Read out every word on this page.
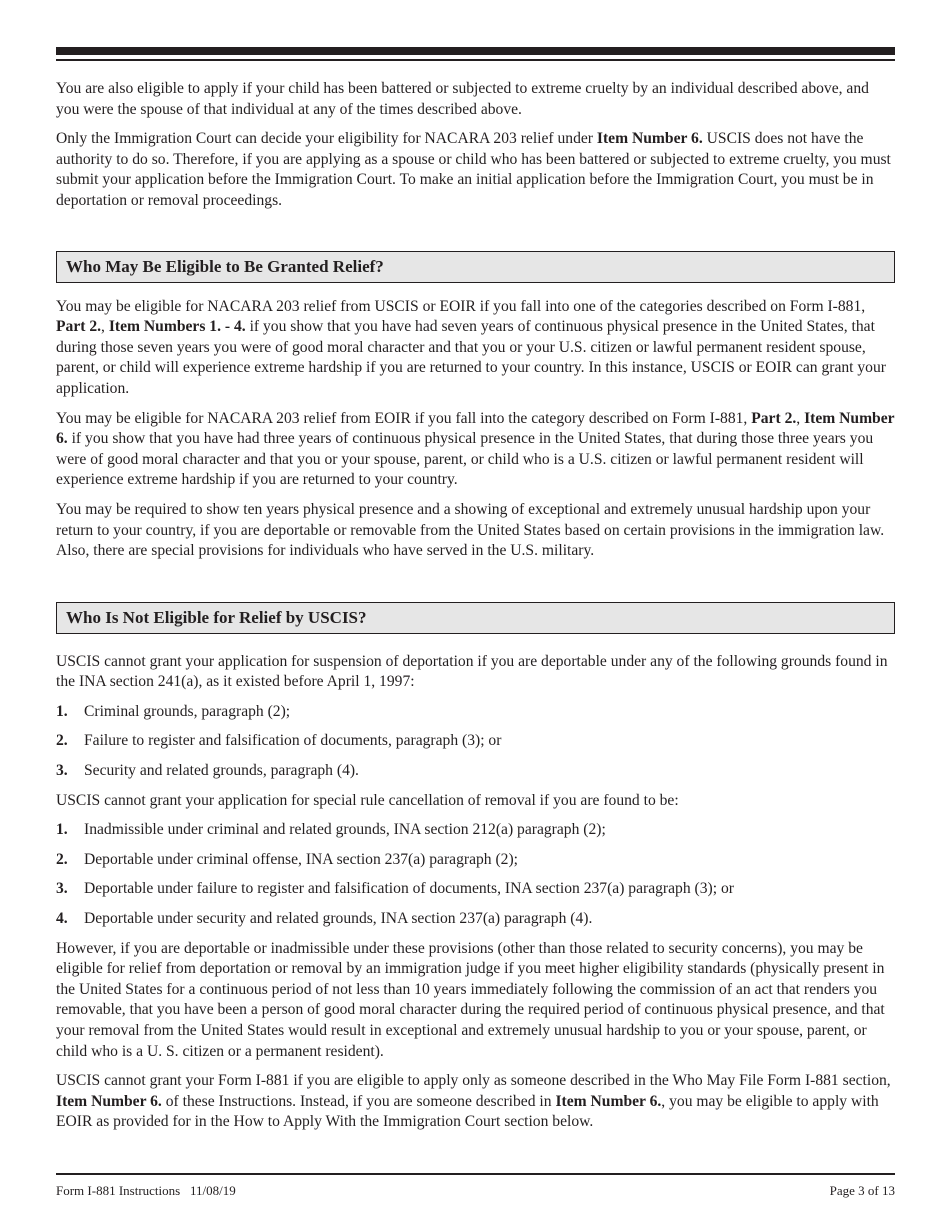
You are also eligible to apply if your child has been battered or subjected to extreme cruelty by an individual described above, and you were the spouse of that individual at any of the times described above.

Only the Immigration Court can decide your eligibility for NACARA 203 relief under Item Number 6. USCIS does not have the authority to do so. Therefore, if you are applying as a spouse or child who has been battered or subjected to extreme cruelty, you must submit your application before the Immigration Court. To make an initial application before the Immigration Court, you must be in deportation or removal proceedings.

Who May Be Eligible to Be Granted Relief?

You may be eligible for NACARA 203 relief from USCIS or EOIR if you fall into one of the categories described on Form I-881, Part 2., Item Numbers 1. - 4. if you show that you have had seven years of continuous physical presence in the United States, that during those seven years you were of good moral character and that you or your U.S. citizen or lawful permanent resident spouse, parent, or child will experience extreme hardship if you are returned to your country. In this instance, USCIS or EOIR can grant your application.

You may be eligible for NACARA 203 relief from EOIR if you fall into the category described on Form I-881, Part 2., Item Number 6. if you show that you have had three years of continuous physical presence in the United States, that during those three years you were of good moral character and that you or your spouse, parent, or child who is a U.S. citizen or lawful permanent resident will experience extreme hardship if you are returned to your country.

You may be required to show ten years physical presence and a showing of exceptional and extremely unusual hardship upon your return to your country, if you are deportable or removable from the United States based on certain provisions in the immigration law. Also, there are special provisions for individuals who have served in the U.S. military.

Who Is Not Eligible for Relief by USCIS?

USCIS cannot grant your application for suspension of deportation if you are deportable under any of the following grounds found in the INA section 241(a), as it existed before April 1, 1997:

1.	Criminal grounds, paragraph (2);
2.	Failure to register and falsification of documents, paragraph (3); or
3.	Security and related grounds, paragraph (4).

USCIS cannot grant your application for special rule cancellation of removal if you are found to be:

1.	Inadmissible under criminal and related grounds, INA section 212(a) paragraph (2);
2.	Deportable under criminal offense, INA section 237(a) paragraph (2);
3.	Deportable under failure to register and falsification of documents, INA section 237(a) paragraph (3); or
4.	Deportable under security and related grounds, INA section 237(a) paragraph (4).

However, if you are deportable or inadmissible under these provisions (other than those related to security concerns), you may be eligible for relief from deportation or removal by an immigration judge if you meet higher eligibility standards (physically present in the United States for a continuous period of not less than 10 years immediately following the commission of an act that renders you removable, that you have been a person of good moral character during the required period of continuous physical presence, and that your removal from the United States would result in exceptional and extremely unusual hardship to you or your spouse, parent, or child who is a U. S. citizen or a permanent resident).

USCIS cannot grant your Form I-881 if you are eligible to apply only as someone described in the Who May File Form I-881 section, Item Number 6. of these Instructions. Instead, if you are someone described in Item Number 6., you may be eligible to apply with EOIR as provided for in the How to Apply With the Immigration Court section below.

Form I-881 Instructions   11/08/19	Page 3 of 13
